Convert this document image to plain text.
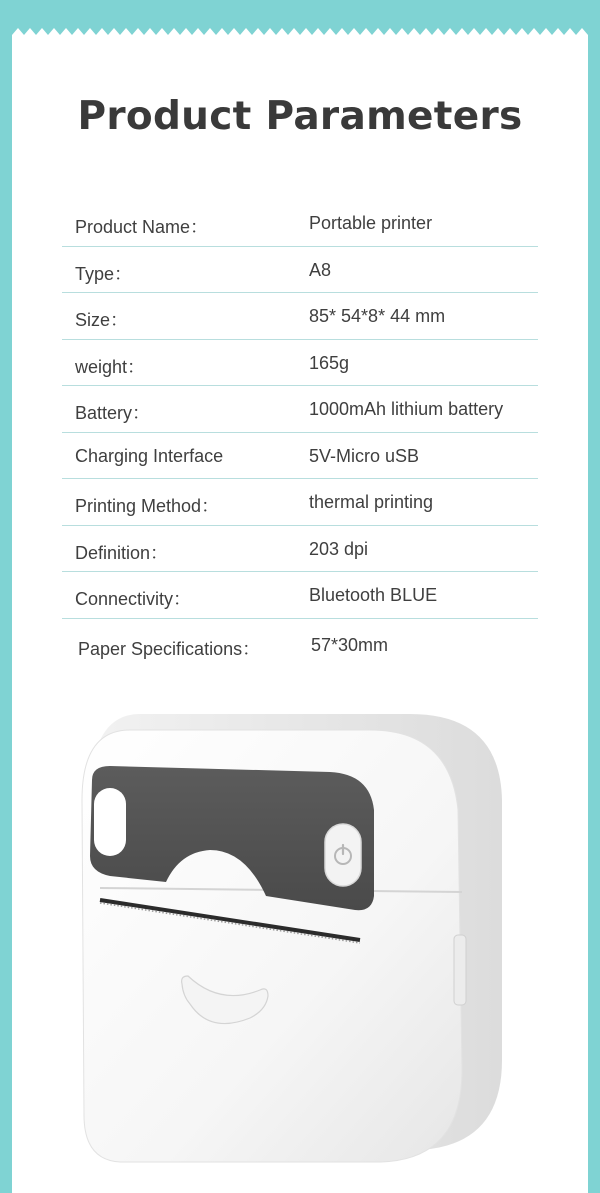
Product Parameters
Product Name：	Portable printer
Type：	A8
Size：	85* 54*8* 44 mm
weight：	165g
Battery：	1000mAh lithium battery
Charging Interface	5V-Micro uSB
Printing Method：	thermal printing
Definition：	203 dpi
Connectivity：	Bluetooth BLUE
Paper Specifications：	57*30mm
